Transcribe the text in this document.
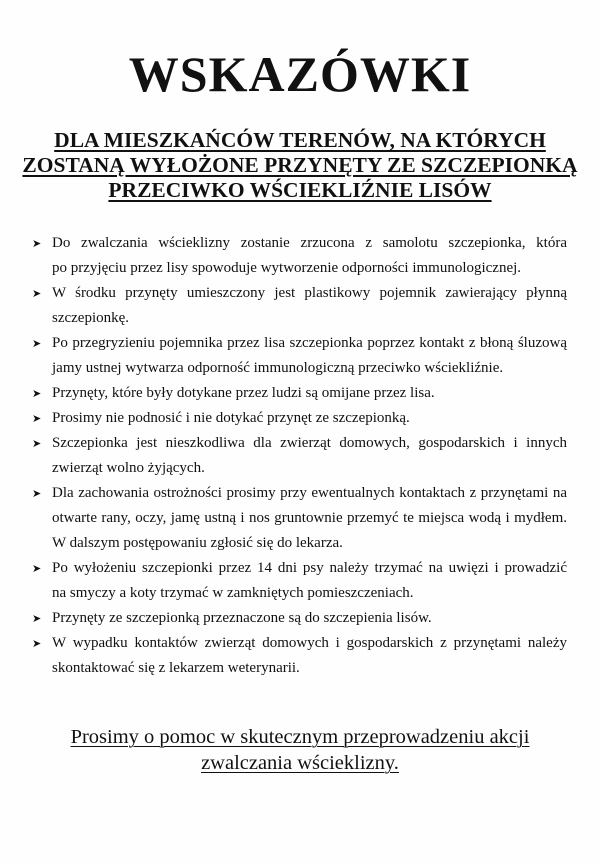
WSKAZÓWKI
DLA MIESZKAŃCÓW TERENÓW, NA KTÓRYCH
ZOSTANĄ WYŁOŻONE PRZYNĘTY ZE SZCZEPIONKĄ
PRZECIWKO WŚCIEKLIŹNIE LISÓW
➤ Do zwalczania wścieklizny zostanie zrzucona z samolotu szczepionka, która
po przyjęciu przez lisy spowoduje wytworzenie odporności immunologicznej.
➤ W środku przynęty umieszczony jest plastikowy pojemnik zawierający płynną
szczepionkę.
➤ Po przegryzieniu pojemnika przez lisa szczepionka poprzez kontakt z błoną śluzową
jamy ustnej wytwarza odporność immunologiczną przeciwko wściekliźnie.
➤ Przynęty, które były dotykane przez ludzi są omijane przez lisa.
➤ Prosimy nie podnosić i nie dotykać przynęt ze szczepionką.
➤ Szczepionka jest nieszkodliwa dla zwierząt domowych, gospodarskich i innych
zwierząt wolno żyjących.
➤ Dla zachowania ostrożności prosimy przy ewentualnych kontaktach z przynętami na
otwarte rany, oczy, jamę ustną i nos gruntownie przemyć te miejsca wodą i mydłem.
W dalszym postępowaniu zgłosić się do lekarza.
➤ Po wyłożeniu szczepionki przez 14 dni psy należy trzymać na uwięzi i prowadzić
na smyczy a koty trzymać w zamkniętych pomieszczeniach.
➤ Przynęty ze szczepionką przeznaczone są do szczepienia lisów.
➤ W wypadku kontaktów zwierząt domowych i gospodarskich z przynętami należy
skontaktować się z lekarzem weterynarii.

Prosimy o pomoc w skutecznym przeprowadzeniu akcji
zwalczania wścieklizny.
